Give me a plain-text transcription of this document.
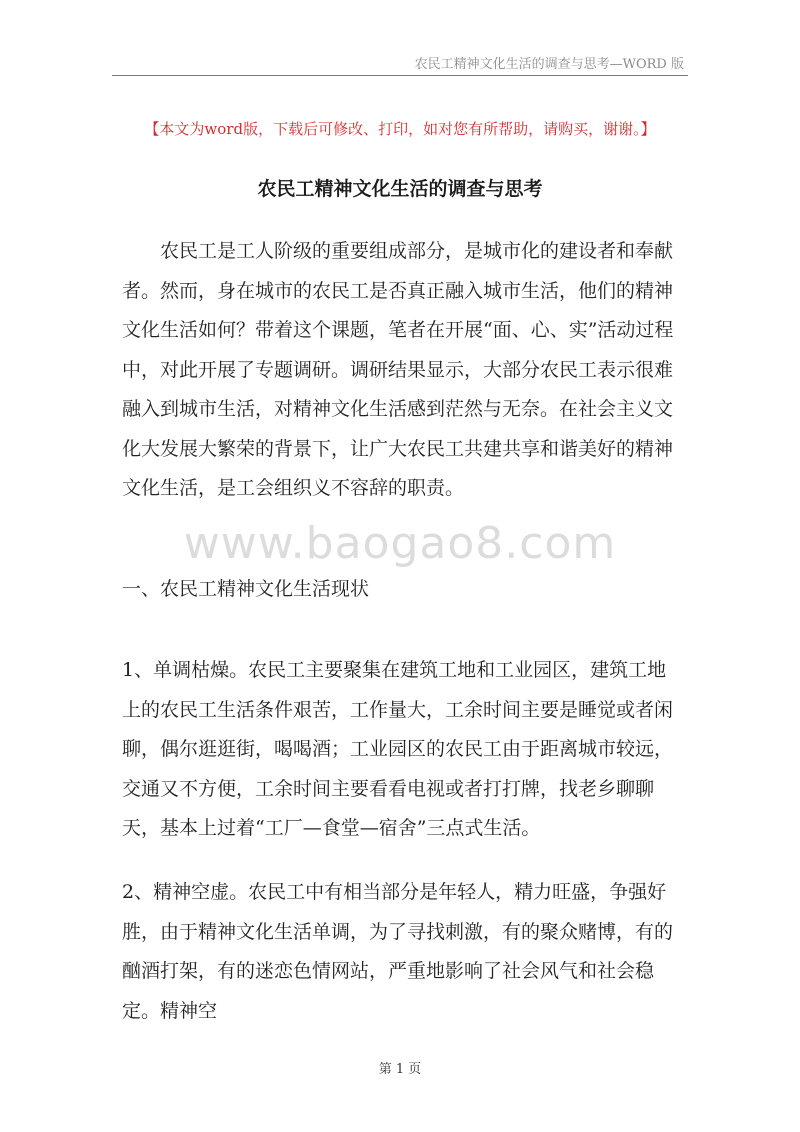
农民工精神文化生活的调查与思考—WORD 版
【本文为word版，下载后可修改、打印，如对您有所帮助，请购买，谢谢。】
农民工精神文化生活的调查与思考
农民工是工人阶级的重要组成部分，是城市化的建设者和奉献者。然而，身在城市的农民工是否真正融入城市生活，他们的精神文化生活如何？带着这个课题，笔者在开展“面、心、实”活动过程中，对此开展了专题调研。调研结果显示，大部分农民工表示很难融入到城市生活，对精神文化生活感到茫然与无奈。在社会主义文化大发展大繁荣的背景下，让广大农民工共建共享和谐美好的精神文化生活，是工会组织义不容辞的职责。
www.baogao8.com
一、农民工精神文化生活现状
1、单调枯燥。农民工主要聚集在建筑工地和工业园区，建筑工地上的农民工生活条件艰苦，工作量大，工余时间主要是睡觉或者闲聊，偶尔逛逛街，喝喝酒；工业园区的农民工由于距离城市较远，交通又不方便，工余时间主要看看电视或者打打牌，找老乡聊聊天，基本上过着“工厂—食堂—宿舍”三点式生活。
2、精神空虚。农民工中有相当部分是年轻人，精力旺盛，争强好胜，由于精神文化生活单调，为了寻找刺激，有的聚众赌博，有的酗酒打架，有的迷恋色情网站，严重地影响了社会风气和社会稳定。精神空
第 1 页
